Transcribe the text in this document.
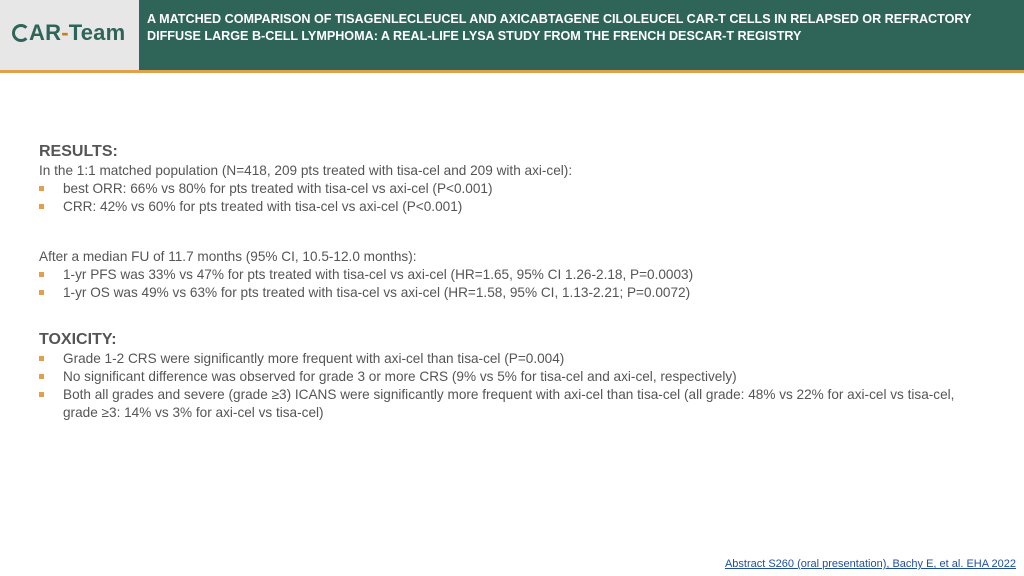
AR-Team
A MATCHED COMPARISON OF TISAGENLECLEUCEL AND AXICABTAGENE CILOLEUCEL CAR-T CELLS IN RELAPSED OR REFRACTORY DIFFUSE LARGE B-CELL LYMPHOMA: A REAL-LIFE LYSA STUDY FROM THE FRENCH DESCAR-T REGISTRY

RESULTS:

In the 1:1 matched population (N=418, 209 pts treated with tisa-cel and 209 with axi-cel):

best ORR: 66% vs 80% for pts treated with tisa-cel vs axi-cel (P<0.001)
CRR: 42% vs 60% for pts treated with tisa-cel vs axi-cel (P<0.001)

After a median FU of 11.7 months (95% CI, 10.5-12.0 months):

1-yr PFS was 33% vs 47% for pts treated with tisa-cel vs axi-cel (HR=1.65, 95% CI 1.26-2.18, P=0.0003)
1-yr OS was 49% vs 63% for pts treated with tisa-cel vs axi-cel (HR=1.58, 95% CI, 1.13-2.21; P=0.0072)

TOXICITY:

Grade 1-2 CRS were significantly more frequent with axi-cel than tisa-cel (P=0.004)
No significant difference was observed for grade 3 or more CRS (9% vs 5% for tisa-cel and axi-cel, respectively)
Both all grades and severe (grade ≥3) ICANS were significantly more frequent with axi-cel than tisa-cel (all grade: 48% vs 22% for axi-cel vs tisa-cel, grade ≥3: 14% vs 3% for axi-cel vs tisa-cel)
Abstract S260 (oral presentation), Bachy E, et al. EHA 2022
